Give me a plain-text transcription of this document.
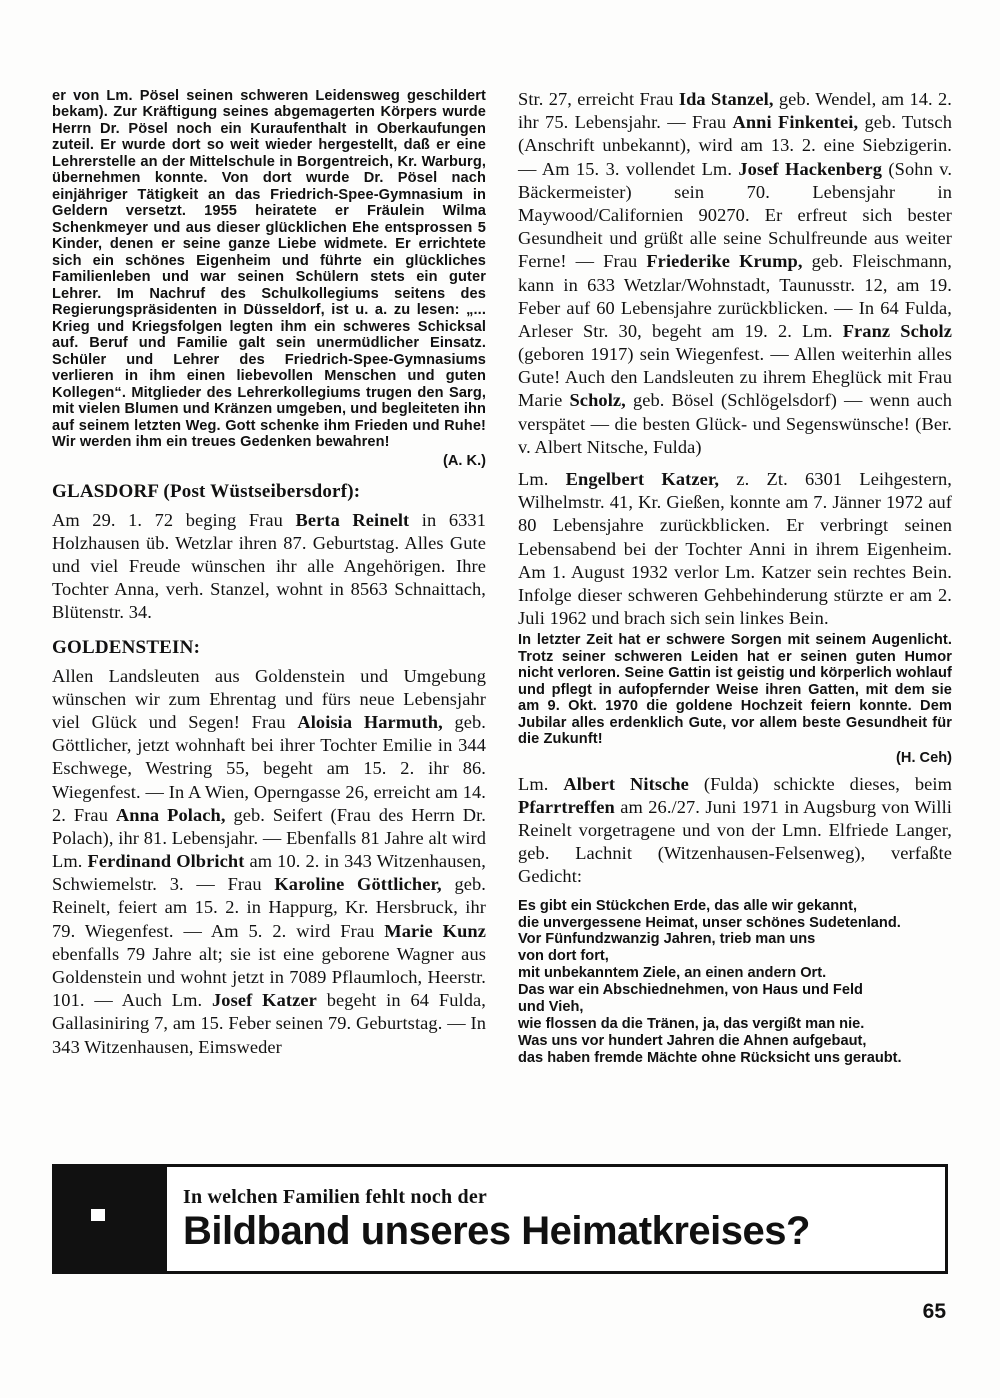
er von Lm. Pösel seinen schweren Leidensweg geschildert bekam). Zur Kräftigung seines abgemagerten Körpers wurde Herrn Dr. Pösel noch ein Kuraufenthalt in Oberkaufungen zuteil. Er wurde dort so weit wieder hergestellt, daß er eine Lehrerstelle an der Mittelschule in Borgentreich, Kr. Warburg, übernehmen konnte. Von dort wurde Dr. Pösel nach einjähriger Tätigkeit an das Friedrich-Spee-Gymnasium in Geldern versetzt. 1955 heiratete er Fräulein Wilma Schenkmeyer und aus dieser glücklichen Ehe entsprossen 5 Kinder, denen er seine ganze Liebe widmete. Er errichtete sich ein schönes Eigenheim und führte ein glückliches Familienleben und war seinen Schülern stets ein guter Lehrer. Im Nachruf des Schulkollegiums seitens des Regierungspräsidenten in Düsseldorf, ist u. a. zu lesen: „... Krieg und Kriegsfolgen legten ihm ein schweres Schicksal auf. Beruf und Familie galt sein unermüdlicher Einsatz. Schüler und Lehrer des Friedrich-Spee-Gymnasiums verlieren in ihm einen liebevollen Menschen und guten Kollegen“. Mitglieder des Lehrerkollegiums trugen den Sarg, mit vielen Blumen und Kränzen umgeben, und begleiteten ihn auf seinem letzten Weg. Gott schenke ihm Frieden und Ruhe! Wir werden ihm ein treues Gedenken bewahren!

(A. K.)
GLASDORF (Post Wüstseibersdorf):

Am 29. 1. 72 beging Frau Berta Reinelt in 6331 Holzhausen üb. Wetzlar ihren 87. Geburtstag. Alles Gute und viel Freude wünschen ihr alle Angehörigen. Ihre Tochter Anna, verh. Stanzel, wohnt in 8563 Schnaittach, Blütenstr. 34.

GOLDENSTEIN:

Allen Landsleuten aus Goldenstein und Umgebung wünschen wir zum Ehrentag und fürs neue Lebensjahr viel Glück und Segen! Frau Aloisia Harmuth, geb. Göttlicher, jetzt wohnhaft bei ihrer Tochter Emilie in 344 Eschwege, Westring 55, begeht am 15. 2. ihr 86. Wiegenfest. — In A Wien, Operngasse 26, erreicht am 14. 2. Frau Anna Polach, geb. Seifert (Frau des Herrn Dr. Polach), ihr 81. Lebensjahr. — Ebenfalls 81 Jahre alt wird Lm. Ferdinand Olbricht am 10. 2. in 343 Witzenhausen, Schwiemelstr. 3. — Frau Karoline Göttlicher, geb. Reinelt, feiert am 15. 2. in Happurg, Kr. Hersbruck, ihr 79. Wiegenfest. — Am 5. 2. wird Frau Marie Kunz ebenfalls 79 Jahre alt; sie ist eine geborene Wagner aus Goldenstein und wohnt jetzt in 7089 Pflaumloch, Heerstr. 101. — Auch Lm. Josef Katzer begeht in 64 Fulda, Gallasiniring 7, am 15. Feber seinen 79. Geburtstag. — In 343 Witzenhausen, Eimsweder

Str. 27, erreicht Frau Ida Stanzel, geb. Wendel, am 14. 2. ihr 75. Lebensjahr. — Frau Anni Finkentei, geb. Tutsch (Anschrift unbekannt), wird am 13. 2. eine Siebzigerin. — Am 15. 3. vollendet Lm. Josef Hackenberg (Sohn v. Bäckermeister) sein 70. Lebensjahr in Maywood/Californien 90270. Er erfreut sich bester Gesundheit und grüßt alle seine Schulfreunde aus weiter Ferne! — Frau Friederike Krump, geb. Fleischmann, kann in 633 Wetzlar/Wohnstadt, Taunusstr. 12, am 19. Feber auf 60 Lebensjahre zurückblicken. — In 64 Fulda, Arleser Str. 30, begeht am 19. 2. Lm. Franz Scholz (geboren 1917) sein Wiegenfest. — Allen weiterhin alles Gute! Auch den Landsleuten zu ihrem Eheglück mit Frau Marie Scholz, geb. Bösel (Schlögelsdorf) — wenn auch verspätet — die besten Glück- und Segenswünsche! (Ber. v. Albert Nitsche, Fulda)

Lm. Engelbert Katzer, z. Zt. 6301 Leihgestern, Wilhelmstr. 41, Kr. Gießen, konnte am 7. Jänner 1972 auf 80 Lebensjahre zurückblicken. Er verbringt seinen Lebensabend bei der Tochter Anni in ihrem Eigenheim. Am 1. August 1932 verlor Lm. Katzer sein rechtes Bein. Infolge dieser schweren Gehbehinderung stürzte er am 2. Juli 1962 und brach sich sein linkes Bein.

In letzter Zeit hat er schwere Sorgen mit seinem Augenlicht. Trotz seiner schweren Leiden hat er seinen guten Humor nicht verloren. Seine Gattin ist geistig und körperlich wohlauf und pflegt in aufopfernder Weise ihren Gatten, mit dem sie am 9. Okt. 1970 die goldene Hochzeit feiern konnte. Dem Jubilar alles erdenklich Gute, vor allem beste Gesundheit für die Zukunft!

(H. Ceh)

Lm. Albert Nitsche (Fulda) schickte dieses, beim Pfarrtreffen am 26./27. Juni 1971 in Augsburg von Willi Reinelt vorgetragene und von der Lmn. Elfriede Langer, geb. Lachnit (Witzenhausen-Felsenweg), verfaßte Gedicht:

Es gibt ein Stückchen Erde, das alle wir gekannt,
die unvergessene Heimat, unser schönes Sudetenland.
Vor Fünfundzwanzig Jahren, trieb man uns
von dort fort,
mit unbekanntem Ziele, an einen andern Ort.
Das war ein Abschiednehmen, von Haus und Feld
und Vieh,
wie flossen da die Tränen, ja, das vergißt man nie.
Was uns vor hundert Jahren die Ahnen aufgebaut,
das haben fremde Mächte ohne Rücksicht uns geraubt.
In welchen Familien fehlt noch der
Bildband unseres Heimatkreises?
65
